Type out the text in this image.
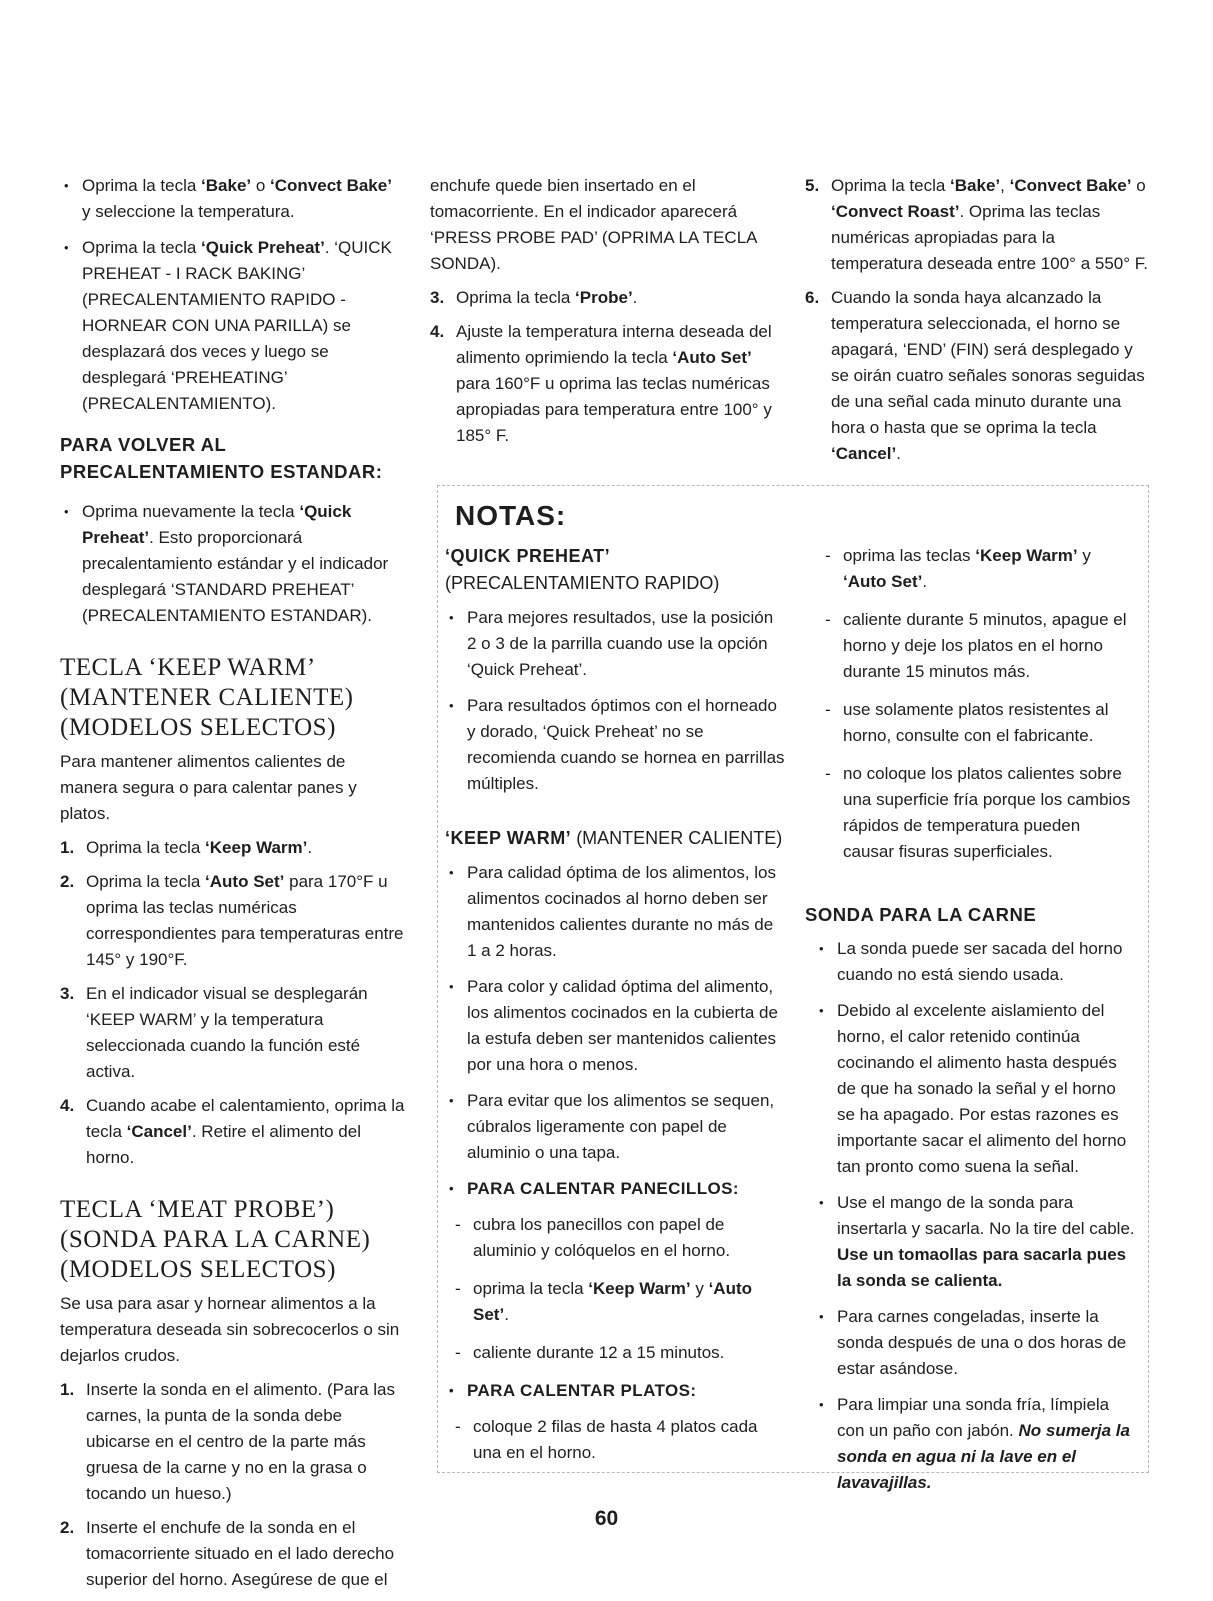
• Oprima la tecla ‘Bake’ o ‘Convect Bake’ y seleccione la temperatura.

• Oprima la tecla ‘Quick Preheat’. ‘QUICK PREHEAT - I RACK BAKING’ (PRECALENTAMIENTO RAPIDO - HORNEAR CON UNA PARILLA) se desplazará dos veces y luego se desplegará ‘PREHEATING’ (PRECALENTAMIENTO).

PARA VOLVER AL PRECALENTAMIENTO ESTANDAR:

• Oprima nuevamente la tecla ‘Quick Preheat’. Esto proporcionará precalentamiento estándar y el indicador desplegará ‘STANDARD PREHEAT’ (PRECALENTAMIENTO ESTANDAR).

TECLA ‘KEEP WARM’ (MANTENER CALIENTE) (MODELOS SELECTOS)

Para mantener alimentos calientes de manera segura o para calentar panes y platos.

1. Oprima la tecla ‘Keep Warm’.

2. Oprima la tecla ‘Auto Set’ para 170°F u oprima las teclas numéricas correspondientes para temperaturas entre 145° y 190°F.

3. En el indicador visual se desplegarán ‘KEEP WARM’ y la temperatura seleccionada cuando la función esté activa.

4. Cuando acabe el calentamiento, oprima la tecla ‘Cancel’. Retire el alimento del horno.

TECLA ‘MEAT PROBE’) (SONDA PARA LA CARNE) (MODELOS SELECTOS)

Se usa para asar y hornear alimentos a la temperatura deseada sin sobrecocerlos o sin dejarlos crudos.

1. Inserte la sonda en el alimento. (Para las carnes, la punta de la sonda debe ubicarse en el centro de la parte más gruesa de la carne y no en la grasa o tocando un hueso.)

2. Inserte el enchufe de la sonda en el tomacorriente situado en el lado derecho superior del horno. Asegúrese de que el

enchufe quede bien insertado en el tomacorriente. En el indicador aparecerá ‘PRESS PROBE PAD’ (OPRIMA LA TECLA SONDA).

3. Oprima la tecla ‘Probe’.

4. Ajuste la temperatura interna deseada del alimento oprimiendo la tecla ‘Auto Set’ para 160°F u oprima las teclas numéricas apropiadas para temperatura entre 100° y 185° F.

5. Oprima la tecla ‘Bake’, ‘Convect Bake’ o ‘Convect Roast’. Oprima las teclas numéricas apropiadas para la temperatura deseada entre 100° a 550° F.

6. Cuando la sonda haya alcanzado la temperatura seleccionada, el horno se apagará, ‘END’ (FIN) será desplegado y se oirán cuatro señales sonoras seguidas de una señal cada minuto durante una hora o hasta que se oprima la tecla ‘Cancel’.

NOTAS:

‘QUICK PREHEAT’ (PRECALENTAMIENTO RAPIDO)

• Para mejores resultados, use la posición 2 o 3 de la parrilla cuando use la opción ‘Quick Preheat’.

• Para resultados óptimos con el horneado y dorado, ‘Quick Preheat’ no se recomienda cuando se hornea en parrillas múltiples.

‘KEEP WARM’ (MANTENER CALIENTE)

• Para calidad óptima de los alimentos, los alimentos cocinados al horno deben ser mantenidos calientes durante no más de 1 a 2 horas.

• Para color y calidad óptima del alimento, los alimentos cocinados en la cubierta de la estufa deben ser mantenidos calientes por una hora o menos.

• Para evitar que los alimentos se sequen, cúbralos ligeramente con papel de aluminio o una tapa.

• PARA CALENTAR PANECILLOS:

- cubra los panecillos con papel de aluminio y colóquelos en el horno.

- oprima la tecla ‘Keep Warm’ y ‘Auto Set’.

- caliente durante 12 a 15 minutos.

• PARA CALENTAR PLATOS:

- coloque 2 filas de hasta 4 platos cada una en el horno.

- oprima las teclas ‘Keep Warm’ y ‘Auto Set’.

- caliente durante 5 minutos, apague el horno y deje los platos en el horno durante 15 minutos más.

- use solamente platos resistentes al horno, consulte con el fabricante.

- no coloque los platos calientes sobre una superficie fría porque los cambios rápidos de temperatura pueden causar fisuras superficiales.

SONDA PARA LA CARNE

• La sonda puede ser sacada del horno cuando no está siendo usada.

• Debido al excelente aislamiento del horno, el calor retenido continúa cocinando el alimento hasta después de que ha sonado la señal y el horno se ha apagado. Por estas razones es importante sacar el alimento del horno tan pronto como suena la señal.

• Use el mango de la sonda para insertarla y sacarla. No la tire del cable. Use un tomaollas para sacarla pues la sonda se calienta.

• Para carnes congeladas, inserte la sonda después de una o dos horas de estar asándose.

• Para limpiar una sonda fría, límpiela con un paño con jabón. No sumerja la sonda en agua ni la lave en el lavavajillas.

60
